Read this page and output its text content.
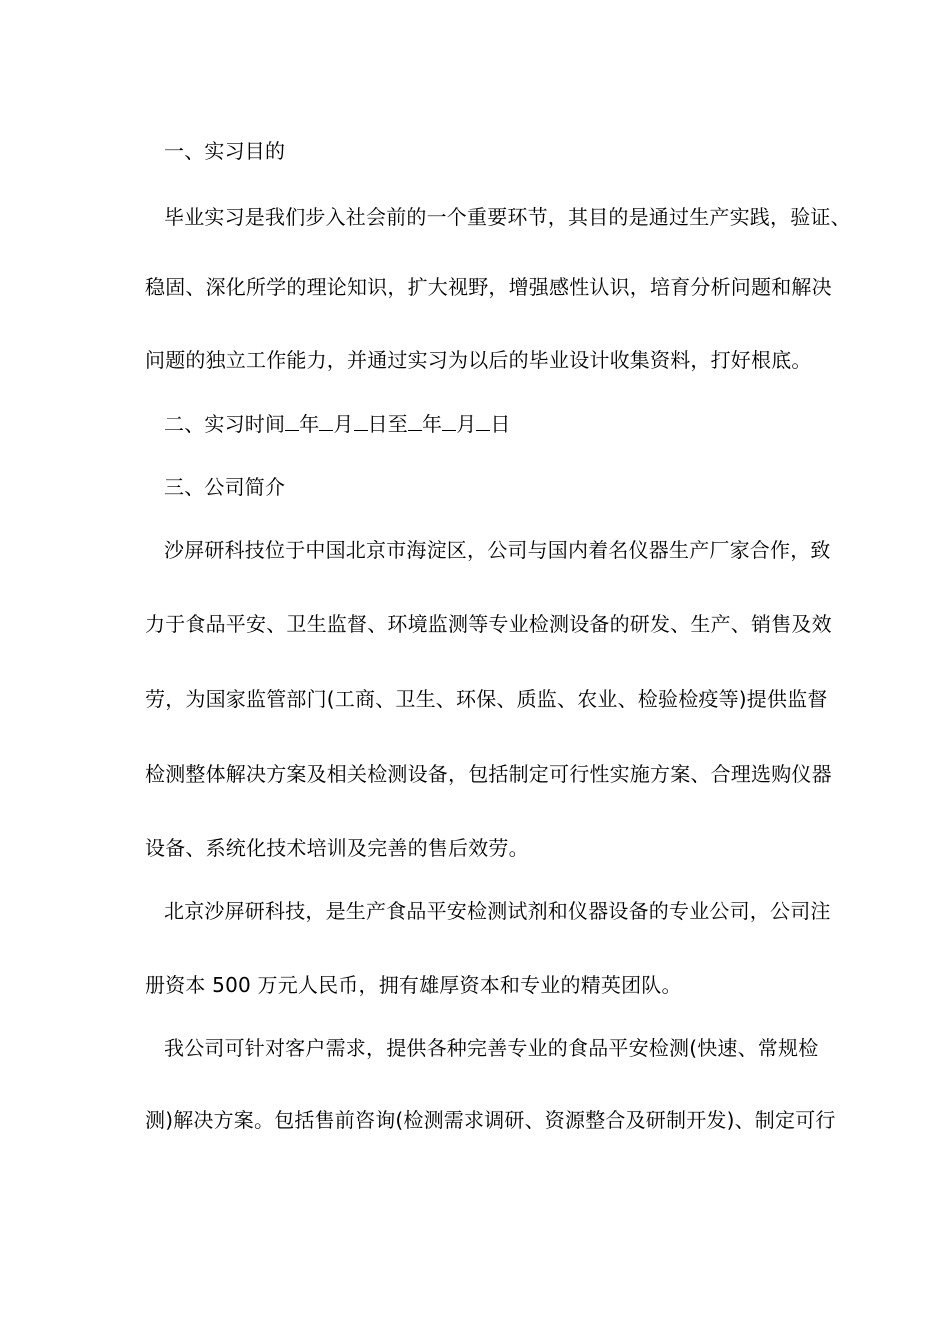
一、实习目的
毕业实习是我们步入社会前的一个重要环节，其目的是通过生产实践，验证、
稳固、深化所学的理论知识，扩大视野，增强感性认识，培育分析问题和解决
问题的独立工作能力，并通过实习为以后的毕业设计收集资料，打好根底。
二、实习时间 年 月 日至 年 月 日
三、公司简介
沙屏研科技位于中国北京市海淀区，公司与国内着名仪器生产厂家合作，致
力于食品平安、卫生监督、环境监测等专业检测设备的研发、生产、销售及效
劳，为国家监管部门(工商、卫生、环保、质监、农业、检验检疫等)提供监督
检测整体解决方案及相关检测设备，包括制定可行性实施方案、合理选购仪器
设备、系统化技术培训及完善的售后效劳。
北京沙屏研科技，是生产食品平安检测试剂和仪器设备的专业公司，公司注
册资本 500 万元人民币，拥有雄厚资本和专业的精英团队。
我公司可针对客户需求，提供各种完善专业的食品平安检测(快速、常规检
测)解决方案。包括售前咨询(检测需求调研、资源整合及研制开发)、制定可行
